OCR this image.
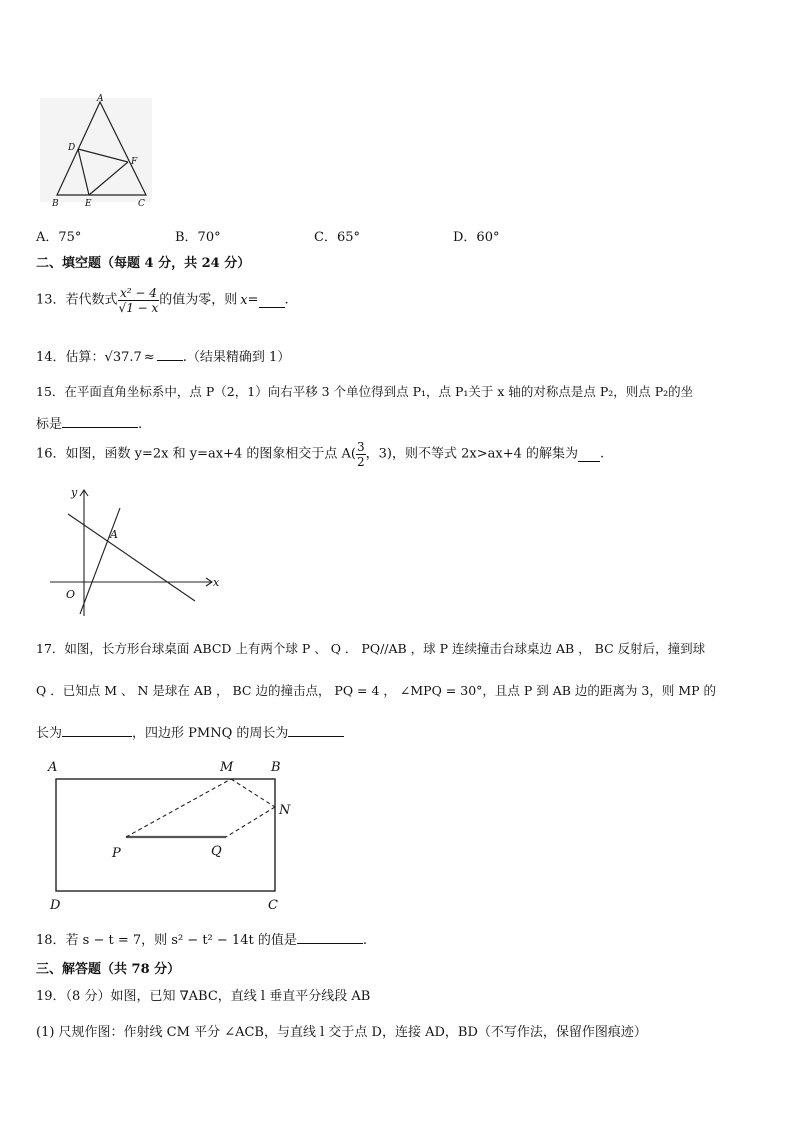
A
D
F
B	E	C
A．75°	B．70°	C．65°	D．60°
二、填空题（每题 4 分，共 24 分）
13．若代数式 $\frac{\text{x² − 4}}{√1 - x}$ 的值为零，则 x= .
14．估算：√37.7 ≈ .（结果精确到 1）
15．在平面直角坐标系中，点 P（2，1）向右平移 3 个单位得到点 P₁，点 P₁关于 x 轴的对称点是点 P₂，则点 P₂的坐
标是	.
16．如图，函数 y=2x 和 y=ax+4 的图象相交于点 $A( \frac{3}{2}$ ，3)，则不等式 2x>ax+4 的解集为 .
y
x
O
A
17．如图，长方形台球桌面 ABCD 上有两个球 P 、 Q ． PQ//AB ，球 P 连续撞击台球桌边 AB ， BC 反射后，撞到球
Q ．已知点 M 、 N 是球在 AB ， BC 边的撞击点， PQ = 4 ， ∠MPQ = 30°，且点 P 到 AB 边的距离为 3，则 MP 的
长为	，四边形 PMNQ 的周长为
A	M	B
N
P	Q
D	C
18．若 s − t = 7，则 s² − t² − 14t 的值是	.
三、解答题（共 78 分）
19．（8 分）如图，已知 ∇ABC，直线 l 垂直平分线段 AB
(1) 尺规作图：作射线 CM 平分 ∠ACB，与直线 l 交于点 D，连接 AD，BD（不写作法，保留作图痕迹）
